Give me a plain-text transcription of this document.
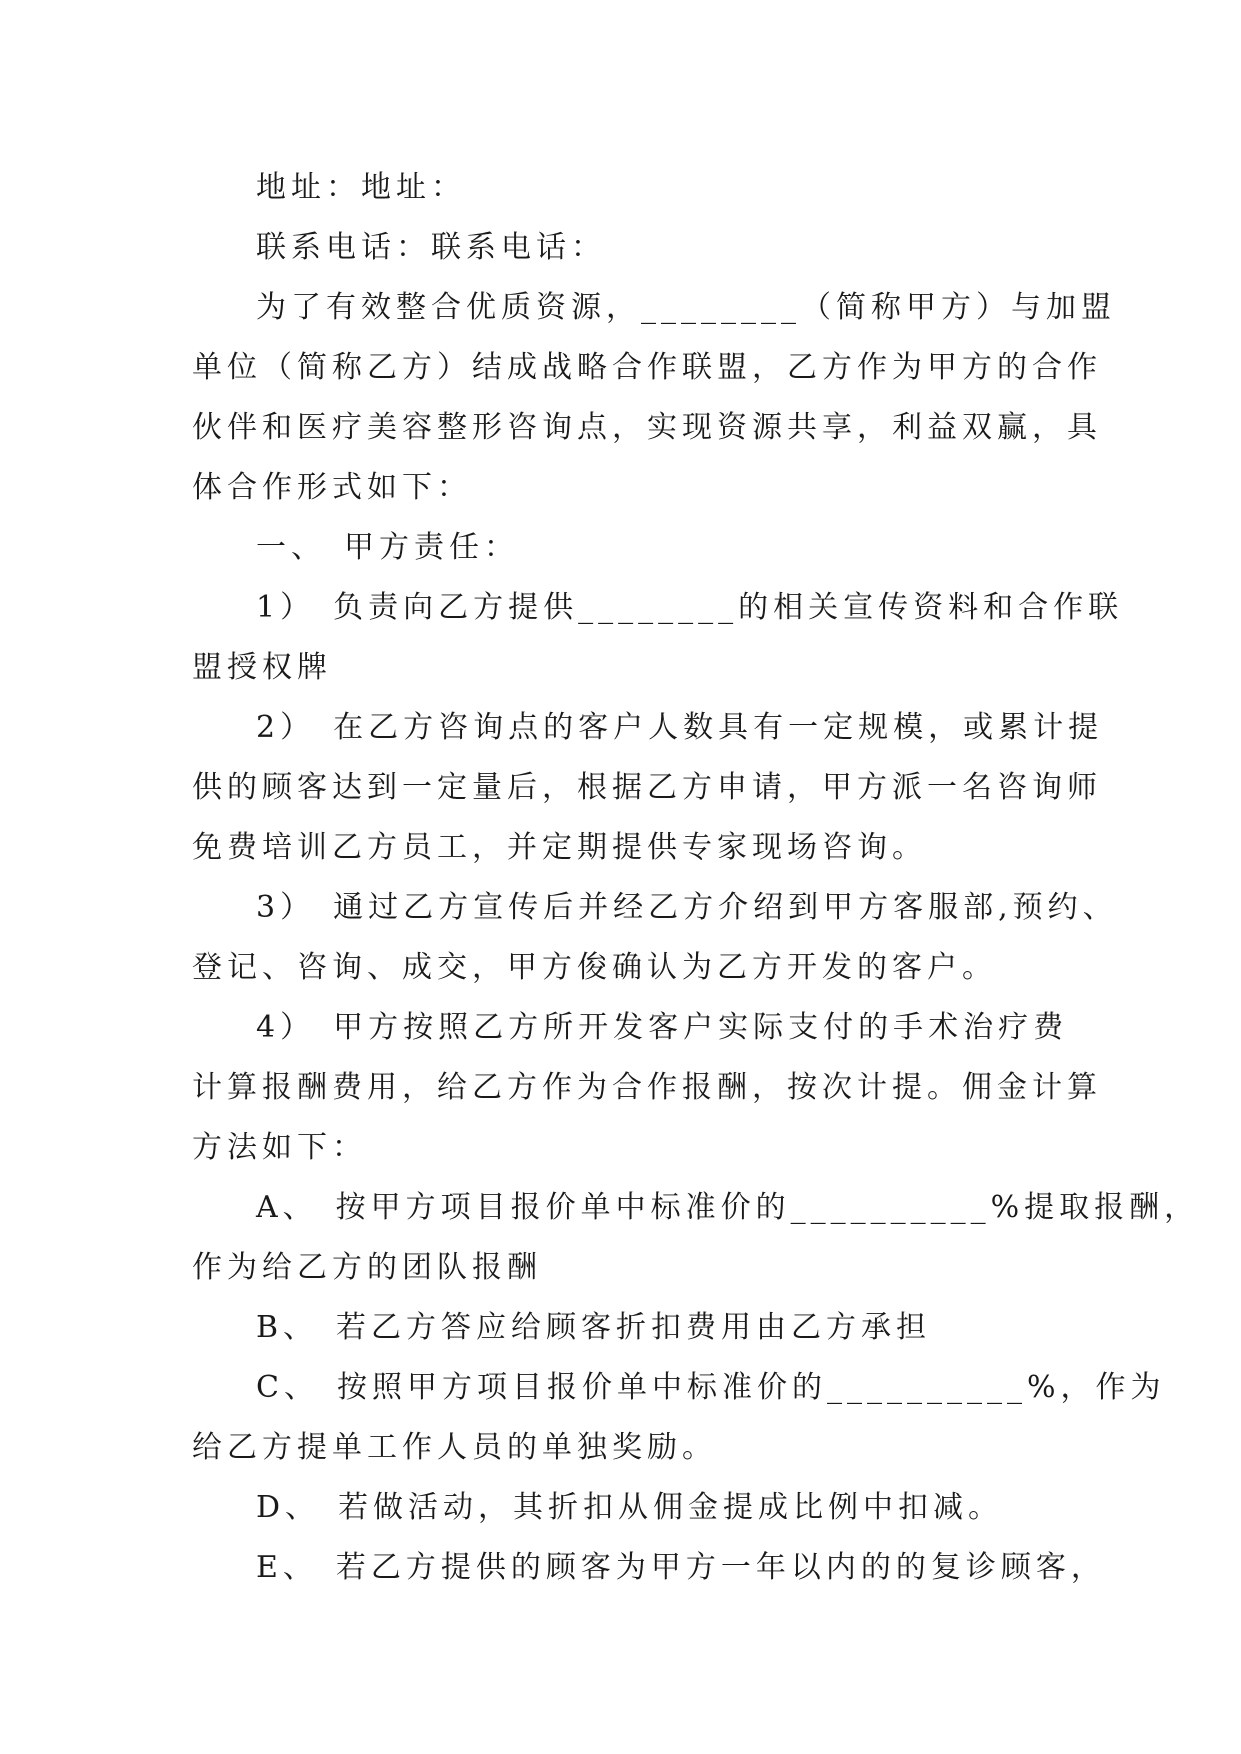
地址：地址：
联系电话：联系电话：
为了有效整合优质资源，________（简称甲方）与加盟
单位（简称乙方）结成战略合作联盟，乙方作为甲方的合作
伙伴和医疗美容整形咨询点，实现资源共享，利益双赢，具
体合作形式如下：
一、 甲方责任：
1） 负责向乙方提供________的相关宣传资料和合作联
盟授权牌
2） 在乙方咨询点的客户人数具有一定规模，或累计提
供的顾客达到一定量后，根据乙方申请，甲方派一名咨询师
免费培训乙方员工，并定期提供专家现场咨询。
3） 通过乙方宣传后并经乙方介绍到甲方客服部,预约、
登记、咨询、成交，甲方俊确认为乙方开发的客户。
4） 甲方按照乙方所开发客户实际支付的手术治疗费
计算报酬费用，给乙方作为合作报酬，按次计提。佣金计算
方法如下：
A、 按甲方项目报价单中标准价的__________%提取报酬，
作为给乙方的团队报酬
B、 若乙方答应给顾客折扣费用由乙方承担
C、 按照甲方项目报价单中标准价的__________%，作为
给乙方提单工作人员的单独奖励。
D、 若做活动，其折扣从佣金提成比例中扣减。
E、 若乙方提供的顾客为甲方一年以内的的复诊顾客，
